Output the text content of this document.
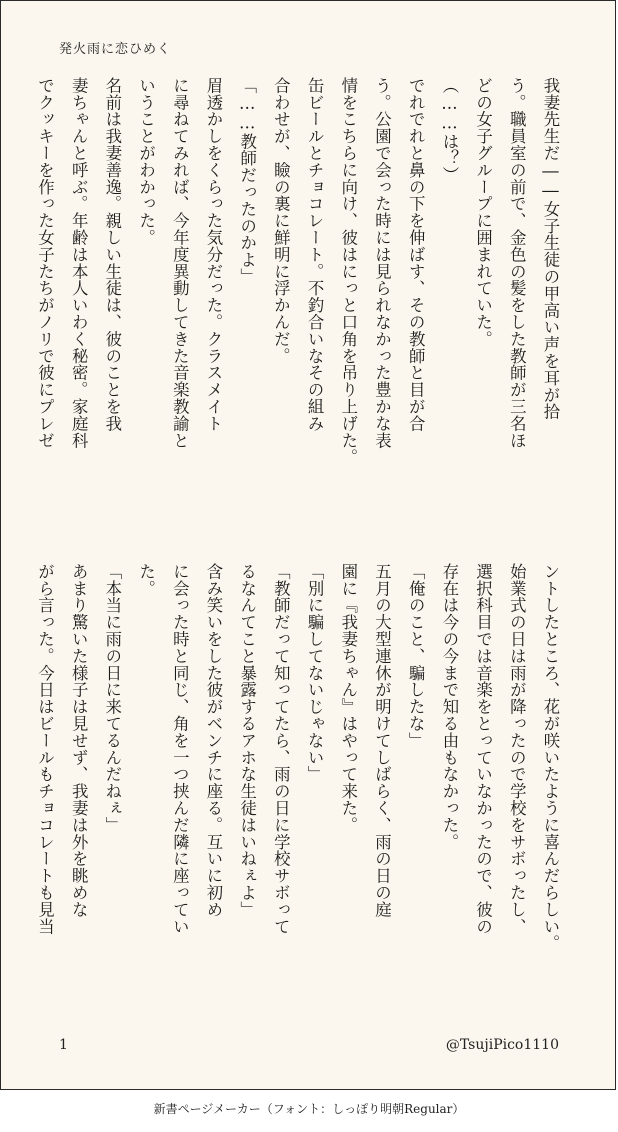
発火雨に恋ひめく

我妻先生だ――女子生徒の甲高い声を耳が拾

う。職員室の前で、金色の髪をした教師が三名ほ

どの女子グループに囲まれていた。

（……は？）

でれでれと鼻の下を伸ばす、その教師と目が合

う。公園で会った時には見られなかった豊かな表

情をこちらに向け、彼はにっと口角を吊り上げた。

缶ビールとチョコレート。不釣合いなその組み

合わせが、瞼の裏に鮮明に浮かんだ。

「……教師だったのかよ」

眉透かしをくらった気分だった。クラスメイト

に尋ねてみれば、今年度異動してきた音楽教諭と

いうことがわかった。

名前は我妻善逸。親しい生徒は、彼のことを我

妻ちゃんと呼ぶ。年齢は本人いわく秘密。家庭科

でクッキーを作った女子たちがノリで彼にプレゼ

ントしたところ、花が咲いたように喜んだらしい。

始業式の日は雨が降ったので学校をサボったし、

選択科目では音楽をとっていなかったので、彼の

存在は今の今まで知る由もなかった。

「俺のこと、騙したな」

五月の大型連休が明けてしばらく、雨の日の庭

園に『我妻ちゃん』はやって来た。

「別に騙してないじゃない」

「教師だって知ってたら、雨の日に学校サボって

るなんてこと暴露するアホな生徒はいねぇよ」

含み笑いをした彼がベンチに座る。互いに初め

に会った時と同じ、角を一つ挟んだ隣に座ってい

た。

「本当に雨の日に来てるんだねぇ」

あまり驚いた様子は見せず、我妻は外を眺めな

がら言った。今日はビールもチョコレートも見当

1	@TsujiPico1110
新書ページメーカー（フォント：しっぽり明朝Regular）
